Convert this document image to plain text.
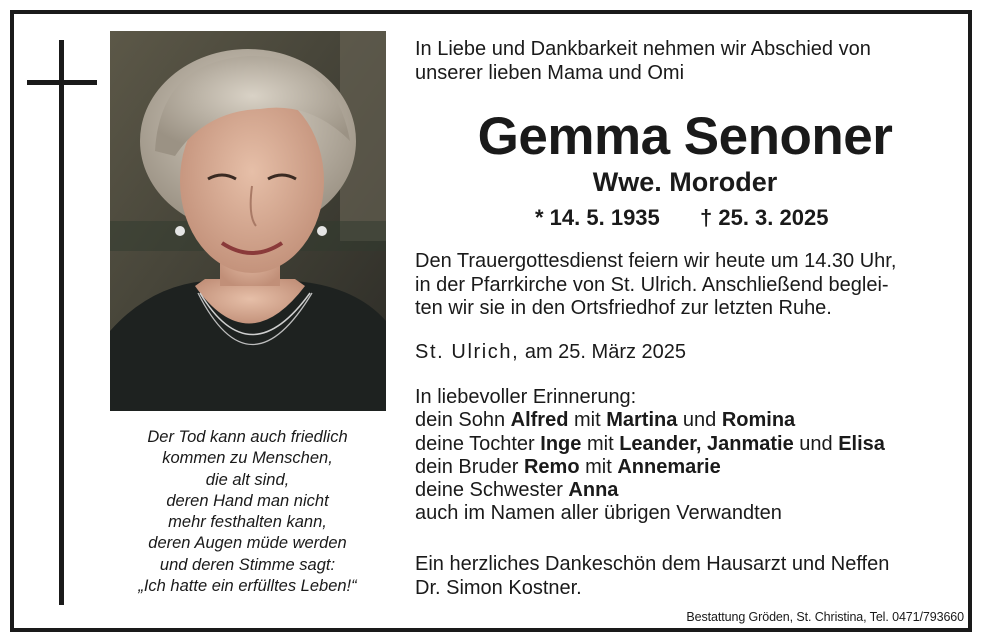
Der Tod kann auch friedlich
kommen zu Menschen,
die alt sind,
deren Hand man nicht
mehr festhalten kann,
deren Augen müde werden
und deren Stimme sagt:
„Ich hatte ein erfülltes Leben!“
In Liebe und Dankbarkeit nehmen wir Abschied von
unserer lieben Mama und Omi
Gemma Senoner
Wwe. Moroder
* 14. 5. 1935 † 25. 3. 2025
Den Trauergottesdienst feiern wir heute um 14.30 Uhr,
in der Pfarrkirche von St. Ulrich. Anschließend beglei-
ten wir sie in den Ortsfriedhof zur letzten Ruhe.
St. Ulrich, am 25. März 2025
In liebevoller Erinnerung:
dein Sohn Alfred mit Martina und Romina
deine Tochter Inge mit Leander, Janmatie und Elisa
dein Bruder Remo mit Annemarie
deine Schwester Anna
auch im Namen aller übrigen Verwandten
Ein herzliches Dankeschön dem Hausarzt und Neffen
Dr. Simon Kostner.
Bestattung Gröden, St. Christina, Tel. 0471/793660
